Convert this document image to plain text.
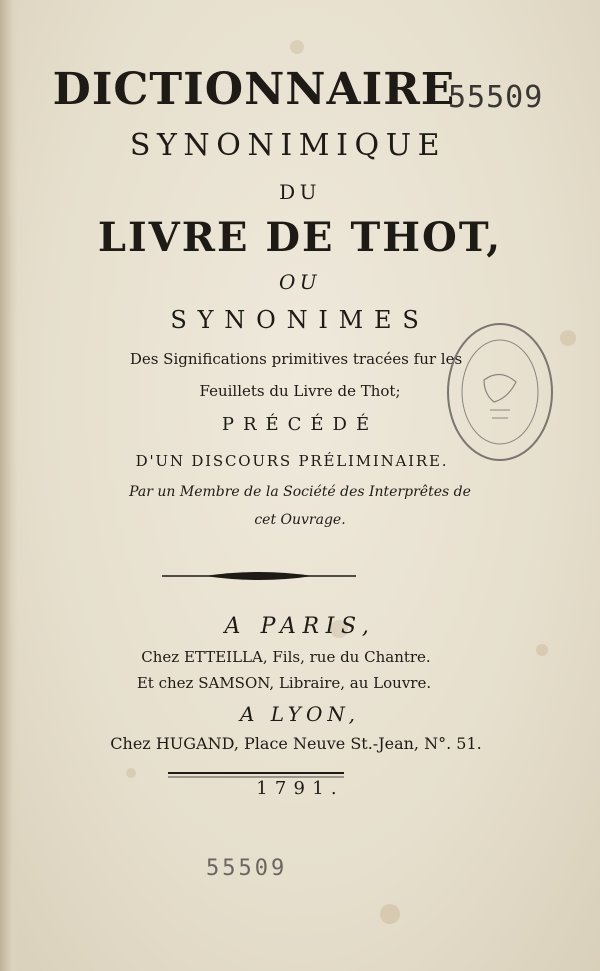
DICTIONNAIRE
55509
SYNONIMIQUE
DU
LIVRE DE THOT,
OU
SYNONIMES
Des Significations primitives tracées fur les
Feuillets du Livre de Thot;
PRÉCÉDÉ
D'UN DISCOURS PRÉLIMINAIRE.
Par un Membre de la Société des Interprêtes de
cet Ouvrage.
A PARIS,
Chez ETTEILLA, Fils, rue du Chantre.
Et chez SAMSON, Libraire, au Louvre.
A LYON,
Chez HUGAND, Place Neuve St.-Jean, N°. 51.
1791.
55509
